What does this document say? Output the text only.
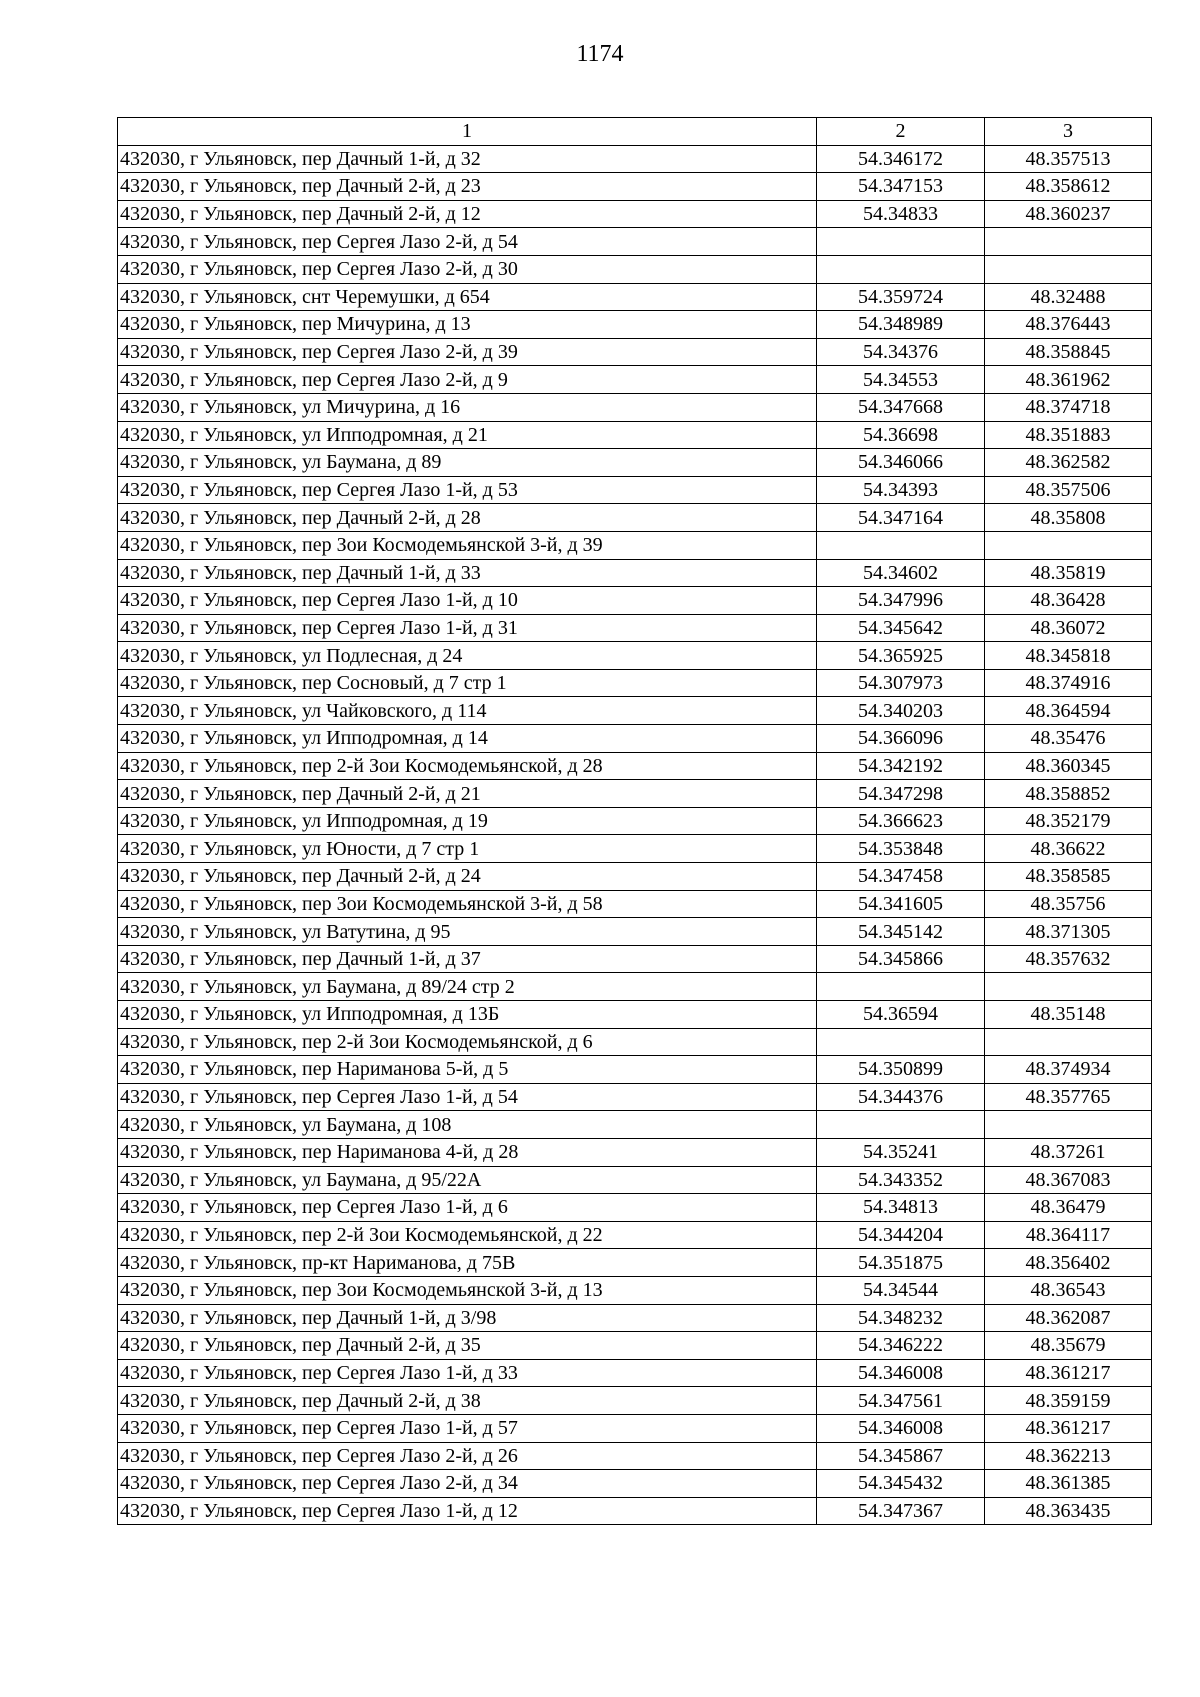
1174
1	2	3
432030, г Ульяновск, пер Дачный 1-й, д 32	54.346172	48.357513
432030, г Ульяновск, пер Дачный 2-й, д 23	54.347153	48.358612
432030, г Ульяновск, пер Дачный 2-й, д 12	54.34833	48.360237
432030, г Ульяновск, пер Сергея Лазо 2-й, д 54		
432030, г Ульяновск, пер Сергея Лазо 2-й, д 30		
432030, г Ульяновск, снт Черемушки, д 654	54.359724	48.32488
432030, г Ульяновск, пер Мичурина, д 13	54.348989	48.376443
432030, г Ульяновск, пер Сергея Лазо 2-й, д 39	54.34376	48.358845
432030, г Ульяновск, пер Сергея Лазо 2-й, д 9	54.34553	48.361962
432030, г Ульяновск, ул Мичурина, д 16	54.347668	48.374718
432030, г Ульяновск, ул Ипподромная, д 21	54.36698	48.351883
432030, г Ульяновск, ул Баумана, д 89	54.346066	48.362582
432030, г Ульяновск, пер Сергея Лазо 1-й, д 53	54.34393	48.357506
432030, г Ульяновск, пер Дачный 2-й, д 28	54.347164	48.35808
432030, г Ульяновск, пер Зои Космодемьянской 3-й, д 39		
432030, г Ульяновск, пер Дачный 1-й, д 33	54.34602	48.35819
432030, г Ульяновск, пер Сергея Лазо 1-й, д 10	54.347996	48.36428
432030, г Ульяновск, пер Сергея Лазо 1-й, д 31	54.345642	48.36072
432030, г Ульяновск, ул Подлесная, д 24	54.365925	48.345818
432030, г Ульяновск, пер Сосновый, д 7 стр 1	54.307973	48.374916
432030, г Ульяновск, ул Чайковского, д 114	54.340203	48.364594
432030, г Ульяновск, ул Ипподромная, д 14	54.366096	48.35476
432030, г Ульяновск, пер 2-й Зои Космодемьянской, д 28	54.342192	48.360345
432030, г Ульяновск, пер Дачный 2-й, д 21	54.347298	48.358852
432030, г Ульяновск, ул Ипподромная, д 19	54.366623	48.352179
432030, г Ульяновск, ул Юности, д 7 стр 1	54.353848	48.36622
432030, г Ульяновск, пер Дачный 2-й, д 24	54.347458	48.358585
432030, г Ульяновск, пер Зои Космодемьянской 3-й, д 58	54.341605	48.35756
432030, г Ульяновск, ул Ватутина, д 95	54.345142	48.371305
432030, г Ульяновск, пер Дачный 1-й, д 37	54.345866	48.357632
432030, г Ульяновск, ул Баумана, д 89/24 стр 2		
432030, г Ульяновск, ул Ипподромная, д 13Б	54.36594	48.35148
432030, г Ульяновск, пер 2-й Зои Космодемьянской, д 6		
432030, г Ульяновск, пер Нариманова 5-й, д 5	54.350899	48.374934
432030, г Ульяновск, пер Сергея Лазо 1-й, д 54	54.344376	48.357765
432030, г Ульяновск, ул Баумана, д 108		
432030, г Ульяновск, пер Нариманова 4-й, д 28	54.35241	48.37261
432030, г Ульяновск, ул Баумана, д 95/22А	54.343352	48.367083
432030, г Ульяновск, пер Сергея Лазо 1-й, д 6	54.34813	48.36479
432030, г Ульяновск, пер 2-й Зои Космодемьянской, д 22	54.344204	48.364117
432030, г Ульяновск, пр-кт Нариманова, д 75В	54.351875	48.356402
432030, г Ульяновск, пер Зои Космодемьянской 3-й, д 13	54.34544	48.36543
432030, г Ульяновск, пер Дачный 1-й, д 3/98	54.348232	48.362087
432030, г Ульяновск, пер Дачный 2-й, д 35	54.346222	48.35679
432030, г Ульяновск, пер Сергея Лазо 1-й, д 33	54.346008	48.361217
432030, г Ульяновск, пер Дачный 2-й, д 38	54.347561	48.359159
432030, г Ульяновск, пер Сергея Лазо 1-й, д 57	54.346008	48.361217
432030, г Ульяновск, пер Сергея Лазо 2-й, д 26	54.345867	48.362213
432030, г Ульяновск, пер Сергея Лазо 2-й, д 34	54.345432	48.361385
432030, г Ульяновск, пер Сергея Лазо 1-й, д 12	54.347367	48.363435
